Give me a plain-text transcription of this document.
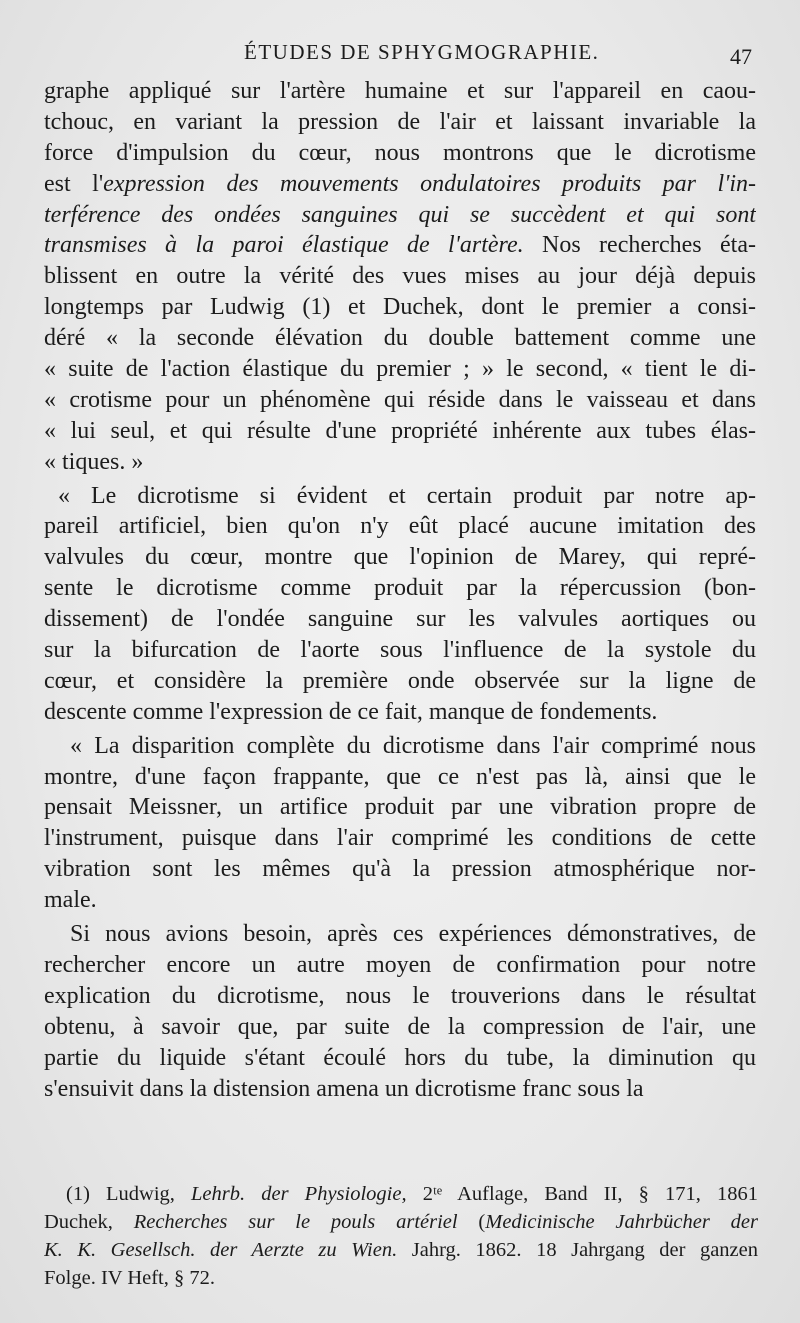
ÉTUDES DE SPHYGMOGRAPHIE.	47
graphe appliqué sur l'artère humaine et sur l'appareil en caou-
tchouc, en variant la pression de l'air et laissant invariable la
force d'impulsion du cœur, nous montrons que le dicrotisme
est l'expression des mouvements ondulatoires produits par l'in-
terférence des ondées sanguines qui se succèdent et qui sont
transmises à la paroi élastique de l'artère. Nos recherches éta-
blissent en outre la vérité des vues mises au jour déjà depuis
longtemps par Ludwig (1) et Duchek, dont le premier a consi-
déré « la seconde élévation du double battement comme une
« suite de l'action élastique du premier ; » le second, « tient le di-
« crotisme pour un phénomène qui réside dans le vaisseau et dans
« lui seul, et qui résulte d'une propriété inhérente aux tubes élas-
« tiques. »
« Le dicrotisme si évident et certain produit par notre ap-
pareil artificiel, bien qu'on n'y eût placé aucune imitation des
valvules du cœur, montre que l'opinion de Marey, qui repré-
sente le dicrotisme comme produit par la répercussion (bon-
dissement) de l'ondée sanguine sur les valvules aortiques ou
sur la bifurcation de l'aorte sous l'influence de la systole du
cœur, et considère la première onde observée sur la ligne de
descente comme l'expression de ce fait, manque de fondements.
« La disparition complète du dicrotisme dans l'air comprimé nous
montre, d'une façon frappante, que ce n'est pas là, ainsi que le
pensait Meissner, un artifice produit par une vibration propre de
l'instrument, puisque dans l'air comprimé les conditions de cette
vibration sont les mêmes qu'à la pression atmosphérique nor-
male.
Si nous avions besoin, après ces expériences démonstratives, de
rechercher encore un autre moyen de confirmation pour notre
explication du dicrotisme, nous le trouverions dans le résultat
obtenu, à savoir que, par suite de la compression de l'air, une
partie du liquide s'étant écoulé hors du tube, la diminution qu
s'ensuivit dans la distension amena un dicrotisme franc sous la
(1) Ludwig, Lehrb. der Physiologie, 2ᵗᵉ Auflage, Band II, § 171, 1861
Duchek, Recherches sur le pouls artériel (Medicinische Jahrbücher der
K. K. Gesellsch. der Aerzte zu Wien. Jahrg. 1862. 18 Jahrgang der ganzen
Folge. IV Heft, § 72.
